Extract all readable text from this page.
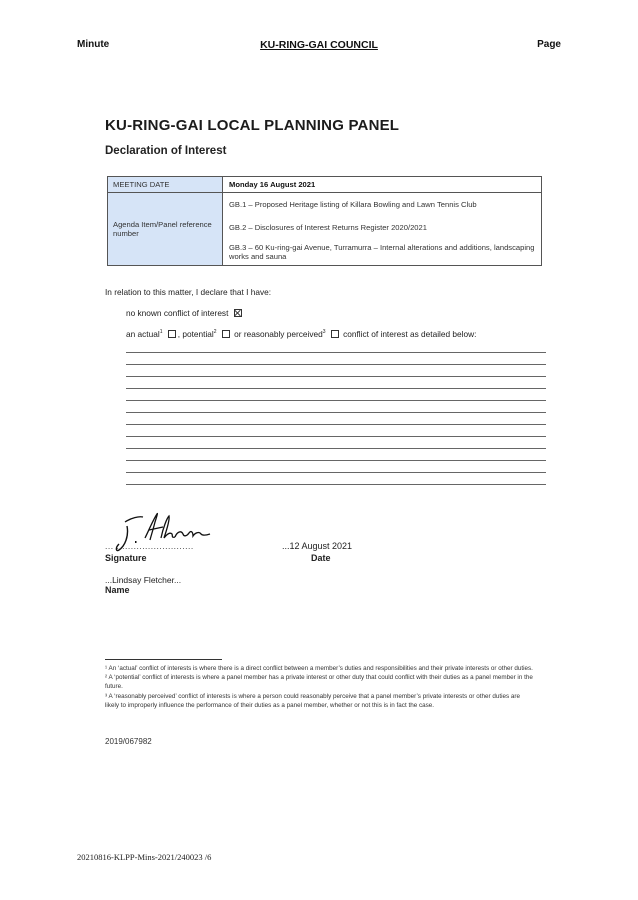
Minute	KU-RING-GAI COUNCIL	Page
KU-RING-GAI LOCAL PLANNING PANEL
Declaration of Interest
MEETING DATE	Monday 16 August 2021
Agenda Item/Panel reference number	GB.1 – Proposed Heritage listing of Killara Bowling and Lawn Tennis Club
GB.2 – Disclosures of Interest Returns Register 2020/2021
GB.3 – 60 Ku-ring-gai Avenue, Turramurra – Internal alterations and additions, landscaping works and sauna
In relation to this matter, I declare that I have:
no known conflict of interest
an actual$^1$ , potential$^2$  or reasonably perceived$^3$  conflict of interest as detailed below:
... ...........................	...12 August 2021
Signature	Date
...Lindsay Fletcher...
Name

¹ An ‘actual’ conflict of interests is where there is a direct conflict between a member’s duties and responsibilities and their private interests or other duties.

² A ‘potential’ conflict of interests is where a panel member has a private interest or other duty that could conflict with their duties as a panel member in the future.

³ A ‘reasonably perceived’ conflict of interests is where a person could reasonably perceive that a panel member’s private interests or other duties are likely to improperly influence the performance of their duties as a panel member, whether or not this is in fact the case.

2019/067982
20210816-KLPP-Mins-2021/240023 /6
